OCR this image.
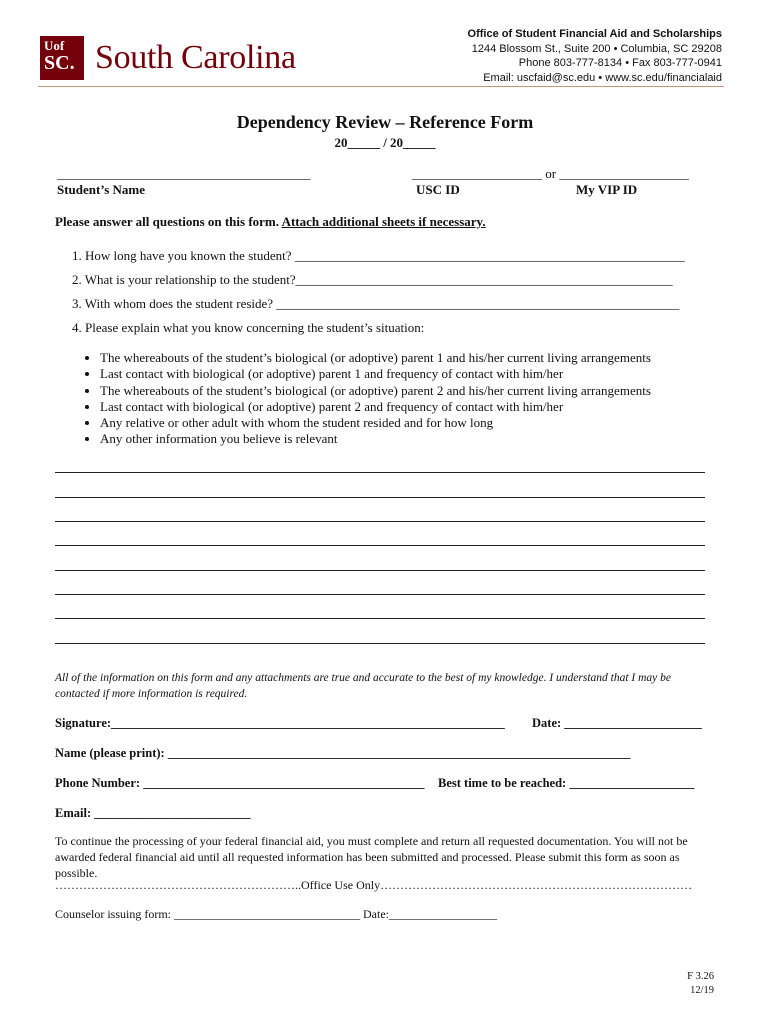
Uof
SC. South Carolina
Office of Student Financial Aid and Scholarships
1244 Blossom St., Suite 200 • Columbia, SC 29208
Phone 803-777-8134 • Fax 803-777-0941
Email: uscfaid@sc.edu • www.sc.edu/financialaid
Dependency Review – Reference Form
20_____ / 20_____
_______________________________________	____________________ or ____________________
Student’s Name	USC ID	My VIP ID
Please answer all questions on this form. Attach additional sheets if necessary.
1. How long have you known the student? ____________________________________________________________
2. What is your relationship to the student?__________________________________________________________
3. With whom does the student reside? ______________________________________________________________
4. Please explain what you know concerning the student’s situation:
• The whereabouts of the student’s biological (or adoptive) parent 1 and his/her current living arrangements
• Last contact with biological (or adoptive) parent 1 and frequency of contact with him/her
• The whereabouts of the student’s biological (or adoptive) parent 2 and his/her current living arrangements
• Last contact with biological (or adoptive) parent 2 and frequency of contact with him/her
• Any relative or other adult with whom the student resided and for how long
• Any other information you believe is relevant
All of the information on this form and any attachments are true and accurate to the best of my knowledge. I understand that I may be contacted if more information is required.
Signature:_______________________________________________________________	Date: ______________________
Name (please print): __________________________________________________________________________
Phone Number: _____________________________________________	Best time to be reached: ____________________
Email: _________________________
To continue the processing of your federal financial aid, you must complete and return all requested documentation. You will not be awarded federal financial aid until all requested information has been submitted and processed. Please submit this form as soon as possible.
……………………………………………………..Office Use Only……………………………………………………………………
Counselor issuing form: _______________________________ Date:__________________
F 3.26
12/19
